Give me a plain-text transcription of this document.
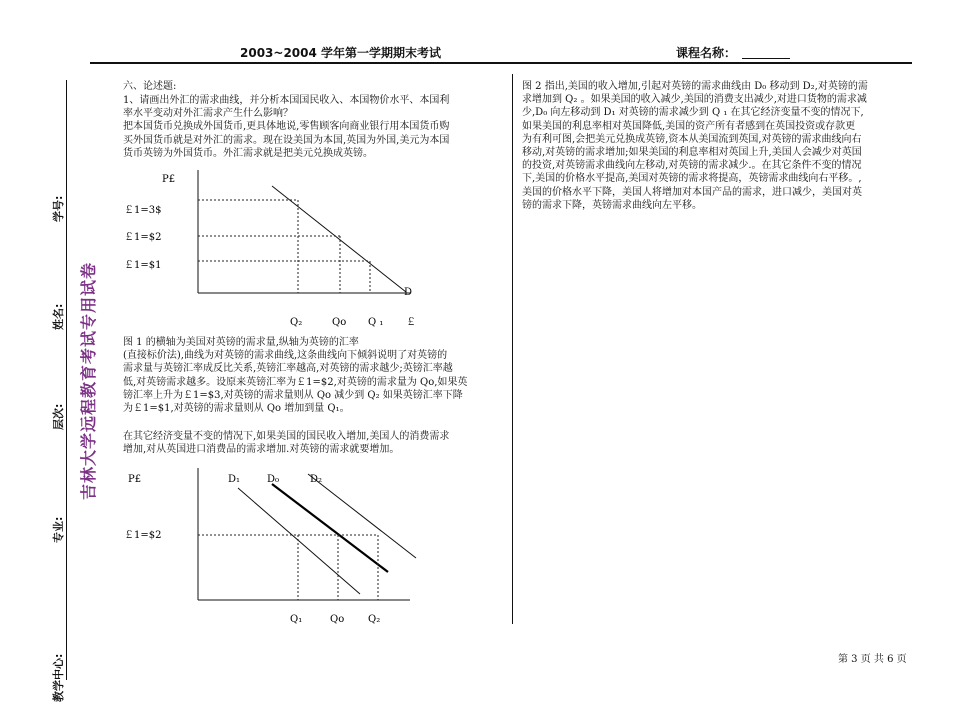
2003~2004 学年第一学期期末考试	课程名称：
学号:
姓名:
层次:
专业:
教学中心:
吉林大学远程教育考试专用试卷
六、论述题:
1、请画出外汇的需求曲线，并分析本国国民收入、本国物价水平、本国利
率水平变动对外汇需求产生什么影响？
把本国货币兑换成外国货币,更具体地说,零售顾客向商业银行用本国货币购
买外国货币就是对外汇的需求。现在设美国为本国,英国为外国,美元为本国
货币英镑为外国货币。外汇需求就是把美元兑换成英镑。
P£
￡1=3$
￡1=$2
￡1=$1
D
Q₂	Qo Q ₁ ￡
图 1 的横轴为美国对英镑的需求量,纵轴为英镑的汇率
(直接标价法),曲线为对英镑的需求曲线,这条曲线向下倾斜说明了对英镑的
需求量与英镑汇率成反比关系,英镑汇率越高,对英镑的需求越少;英镑汇率越
低,对英镑需求越多。设原来英镑汇率为￡1=$2,对英镑的需求量为 Qo,如果英
镑汇率上升为￡1=$3,对英镑的需求量则从 Qo 减少到 Q₂ 如果英镑汇率下降
为￡1=$1,对英镑的需求量则从 Qo 增加到量 Q₁。
在其它经济变量不变的情况下,如果美国的国民收入增加,美国人的消费需求
增加,对从英国进口消费品的需求增加.对英镑的需求就要增加。
P£
￡1=$2
D₁	D₀	D₂
Q₁	Qo Q₂
图 2 指出,美国的收入增加,引起对英镑的需求曲线由 D₀ 移动到 D₂,对英镑的需
求增加到 Q₂ 。如果美国的收入减少,美国的消费支出减少,对进口货物的需求减
少,D₀ 向左移动到 D₁ 对英镑的需求减少到 Q ₁ 在其它经济变量不变的情况下,
如果美国的利息率相对英国降低,美国的资产所有者感到在英国投资或存款更
为有利可图,会把美元兑换成英镑,资本从美国流到英国,对英镑的需求曲线向右
移动,对英镑的需求增加;如果美国的利息率相对英国上升,美国人会减少对英国
的投资,对英镑需求曲线向左移动,对英镑的需求减少.。在其它条件不变的情况
下,美国的价格水平提高,美国对英镑的需求将提高，英镑需求曲线向右平移。,
美国的价格水平下降，美国人将增加对本国产品的需求，进口减少，美国对英
镑的需求下降，英镑需求曲线向左平移。
第 3 页 共 6 页
